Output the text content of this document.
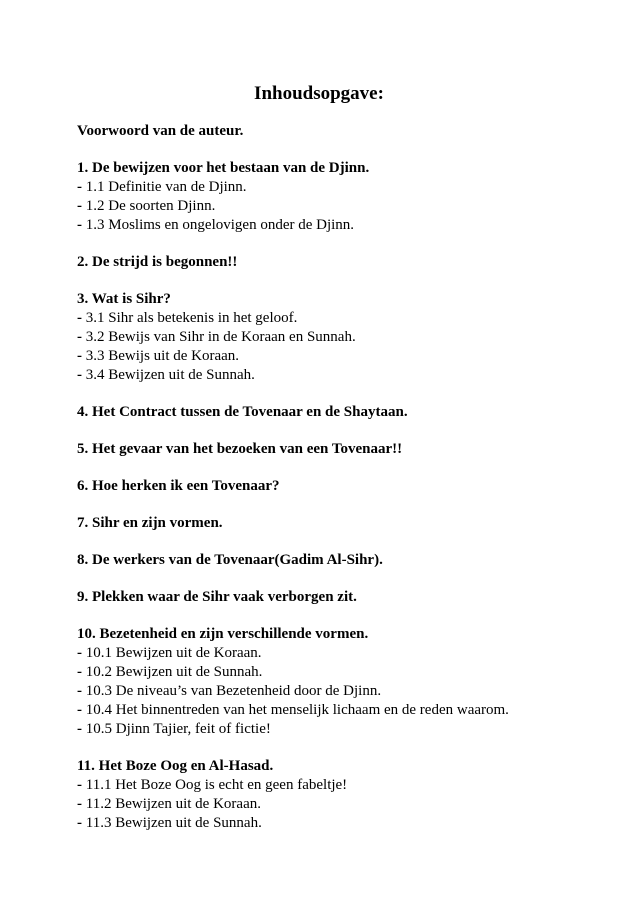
Inhoudsopgave:

Voorwoord van de auteur.

1. De bewijzen voor het bestaan van de Djinn.

- 1.1 Definitie van de Djinn.

- 1.2 De soorten Djinn.

- 1.3 Moslims en ongelovigen onder de Djinn.

2. De strijd is begonnen!!

3. Wat is Sihr?

- 3.1 Sihr als betekenis in het geloof.

- 3.2 Bewijs van Sihr in de Koraan en Sunnah.

- 3.3 Bewijs uit de Koraan.

- 3.4 Bewijzen uit de Sunnah.

4. Het Contract tussen de Tovenaar en de Shaytaan.

5. Het gevaar van het bezoeken van een Tovenaar!!

6. Hoe herken ik een Tovenaar?

7. Sihr en zijn vormen.

8. De werkers van de Tovenaar(Gadim Al-Sihr).

9. Plekken waar de Sihr vaak verborgen zit.

10. Bezetenheid en zijn verschillende vormen.

- 10.1 Bewijzen uit de Koraan.

- 10.2 Bewijzen uit de Sunnah.

- 10.3 De niveau’s van Bezetenheid door de Djinn.

- 10.4 Het binnentreden van het menselijk lichaam en de reden waarom.

- 10.5 Djinn Tajier, feit of fictie!

11. Het Boze Oog en Al-Hasad.

- 11.1 Het Boze Oog is echt en geen fabeltje!

- 11.2 Bewijzen uit de Koraan.

- 11.3 Bewijzen uit de Sunnah.
